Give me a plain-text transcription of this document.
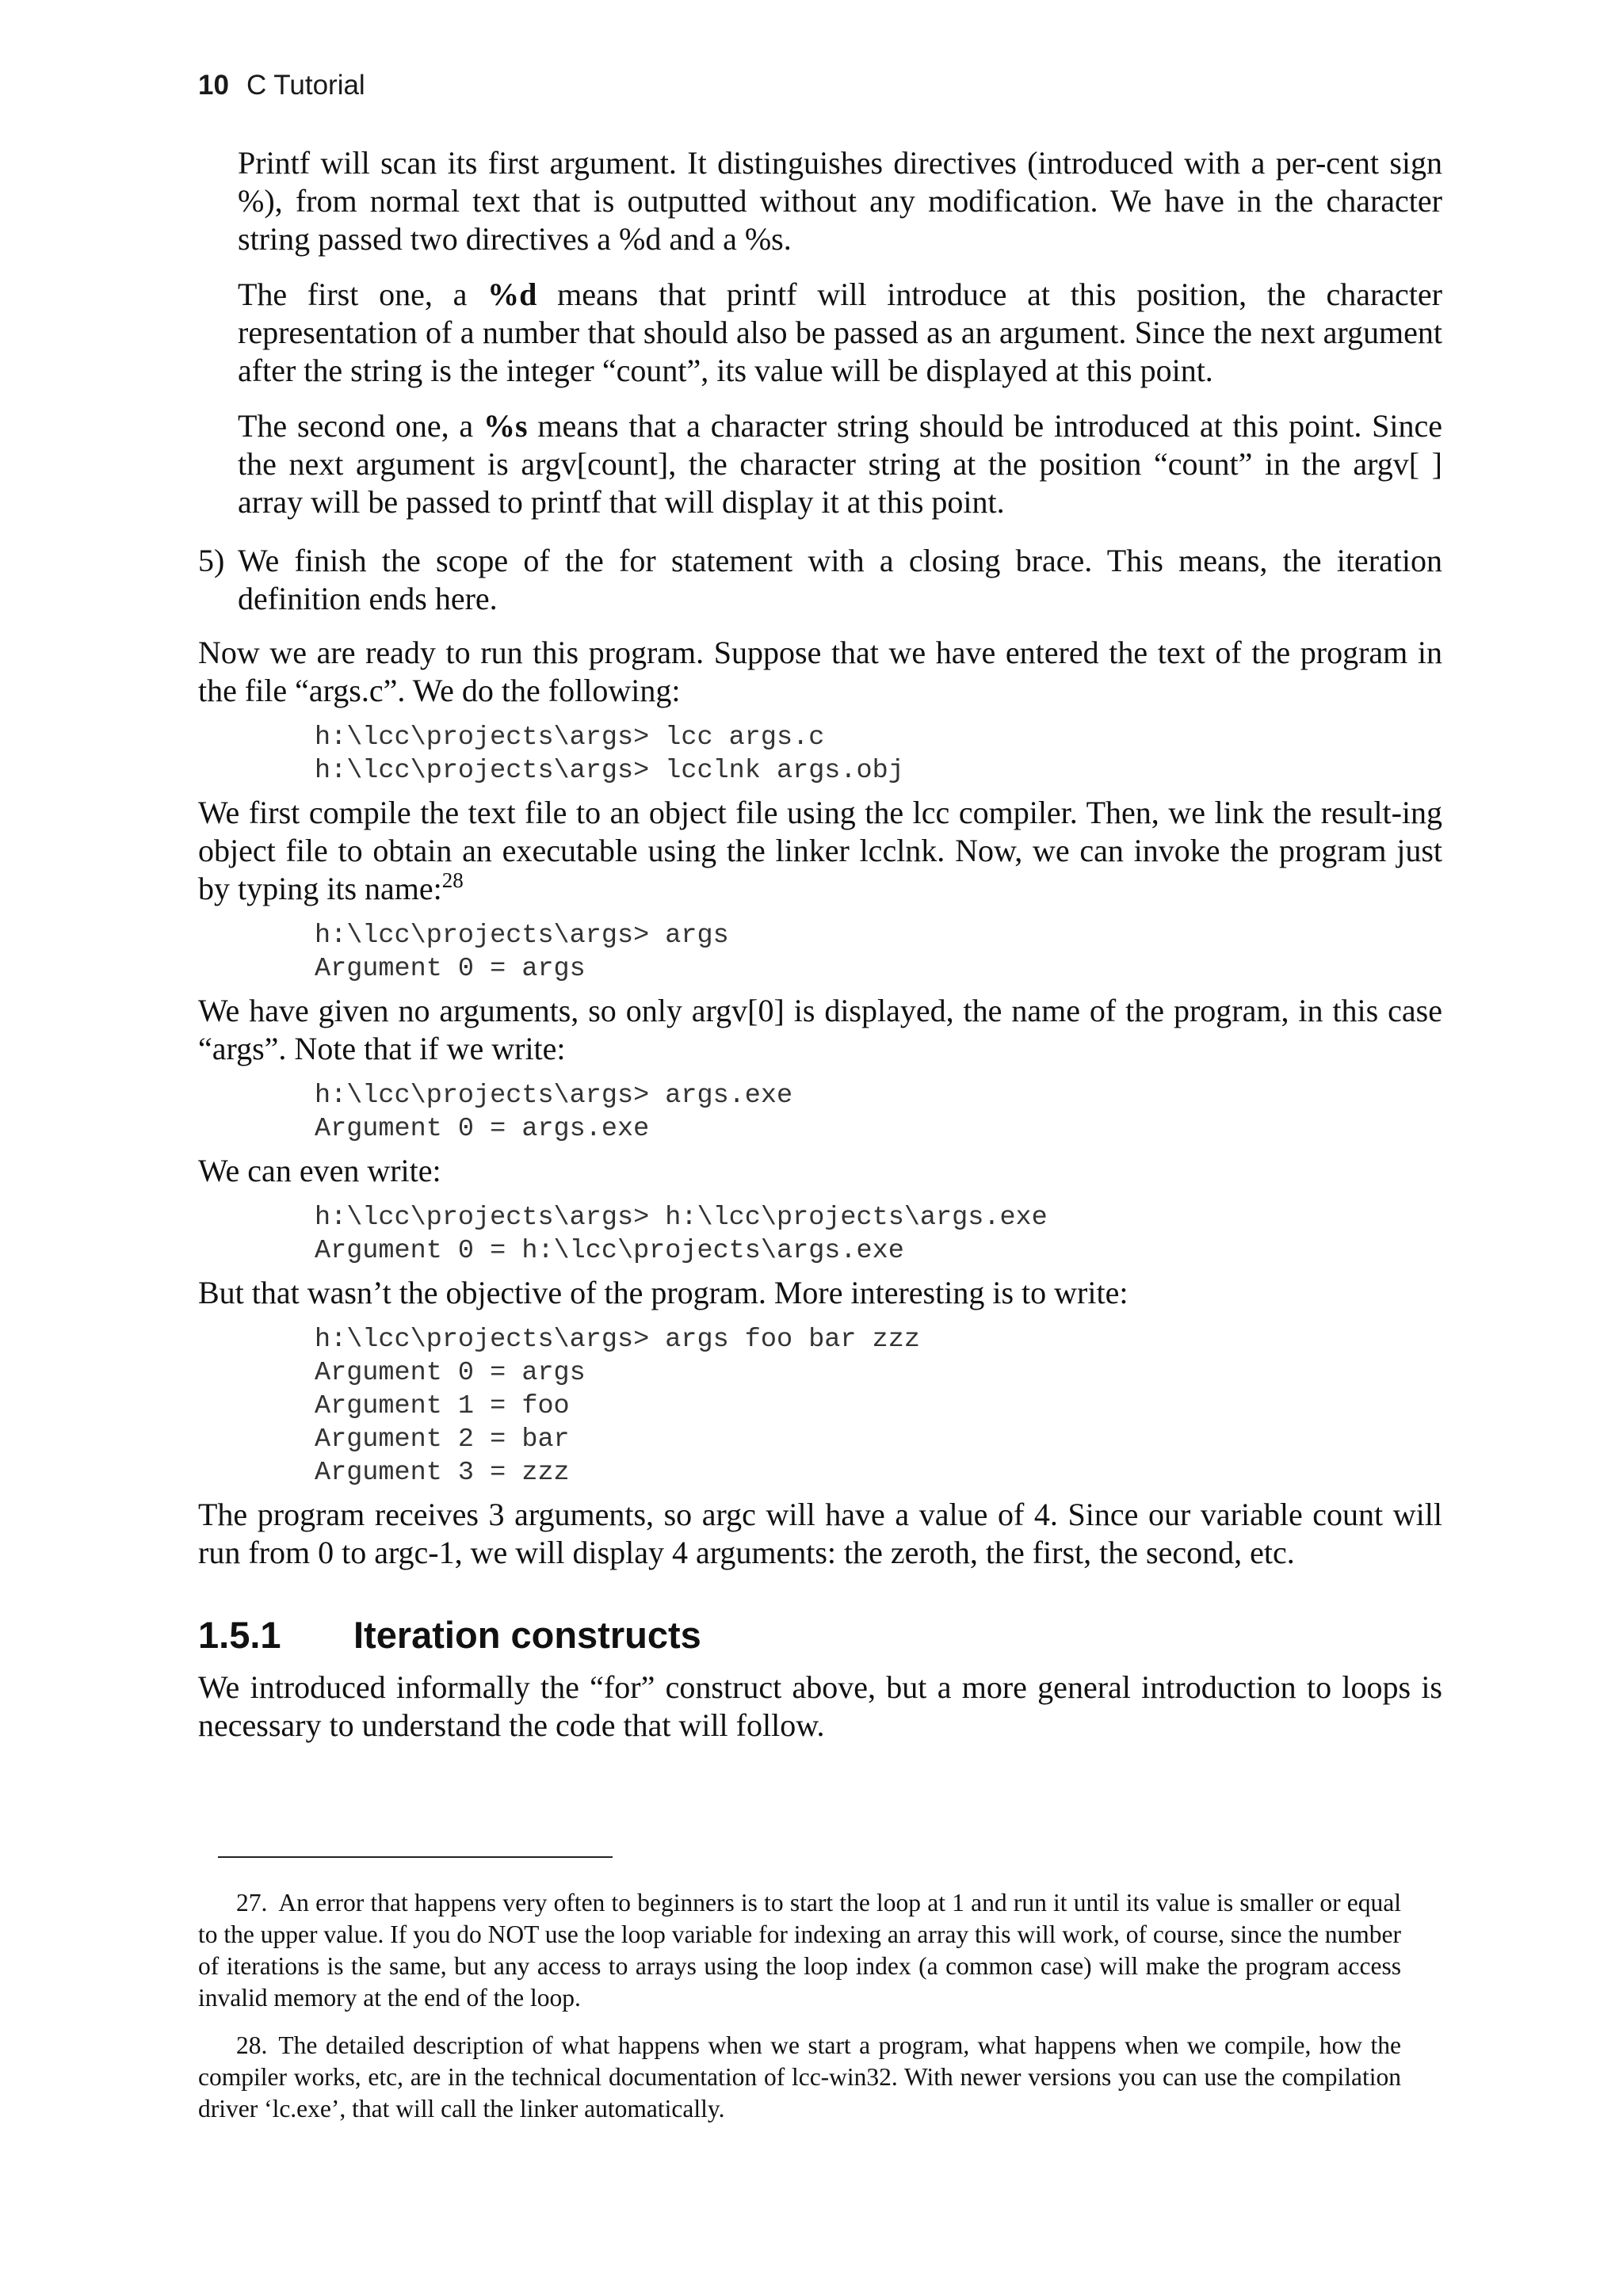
10 C Tutorial

Printf will scan its first argument. It distinguishes directives (introduced with a per-cent sign %), from normal text that is outputted without any modification. We have in the character string passed two directives a %d and a %s.

The first one, a %d means that printf will introduce at this position, the character representation of a number that should also be passed as an argument. Since the next argument after the string is the integer “count”, its value will be displayed at this point.

The second one, a %s means that a character string should be introduced at this point. Since the next argument is argv[count], the character string at the position “count” in the argv[ ] array will be passed to printf that will display it at this point.

5) We finish the scope of the for statement with a closing brace. This means, the iteration definition ends here.

Now we are ready to run this program. Suppose that we have entered the text of the program in the file “args.c”. We do the following:

h:\lcc\projects\args> lcc args.c
h:\lcc\projects\args> lcclnk args.obj

We first compile the text file to an object file using the lcc compiler. Then, we link the result-ing object file to obtain an executable using the linker lcclnk. Now, we can invoke the program just by typing its name:$^{28}$

h:\lcc\projects\args> args
Argument 0 = args

We have given no arguments, so only argv[0] is displayed, the name of the program, in this case “args”. Note that if we write:

h:\lcc\projects\args> args.exe
Argument 0 = args.exe

We can even write:

h:\lcc\projects\args> h:\lcc\projects\args.exe
Argument 0 = h:\lcc\projects\args.exe

But that wasn’t the objective of the program. More interesting is to write:

h:\lcc\projects\args> args foo bar zzz
Argument 0 = args
Argument 1 = foo
Argument 2 = bar
Argument 3 = zzz

The program receives 3 arguments, so argc will have a value of 4. Since our variable count will run from 0 to argc-1, we will display 4 arguments: the zeroth, the first, the second, etc.

1.5.1 Iteration constructs

We introduced informally the “for” construct above, but a more general introduction to loops is necessary to understand the code that will follow.

27. An error that happens very often to beginners is to start the loop at 1 and run it until its value is smaller or equal to the upper value. If you do NOT use the loop variable for indexing an array this will work, of course, since the number of iterations is the same, but any access to arrays using the loop index (a common case) will make the program access invalid memory at the end of the loop.

28. The detailed description of what happens when we start a program, what happens when we compile, how the compiler works, etc, are in the technical documentation of lcc-win32. With newer versions you can use the compilation driver ‘lc.exe’, that will call the linker automatically.
